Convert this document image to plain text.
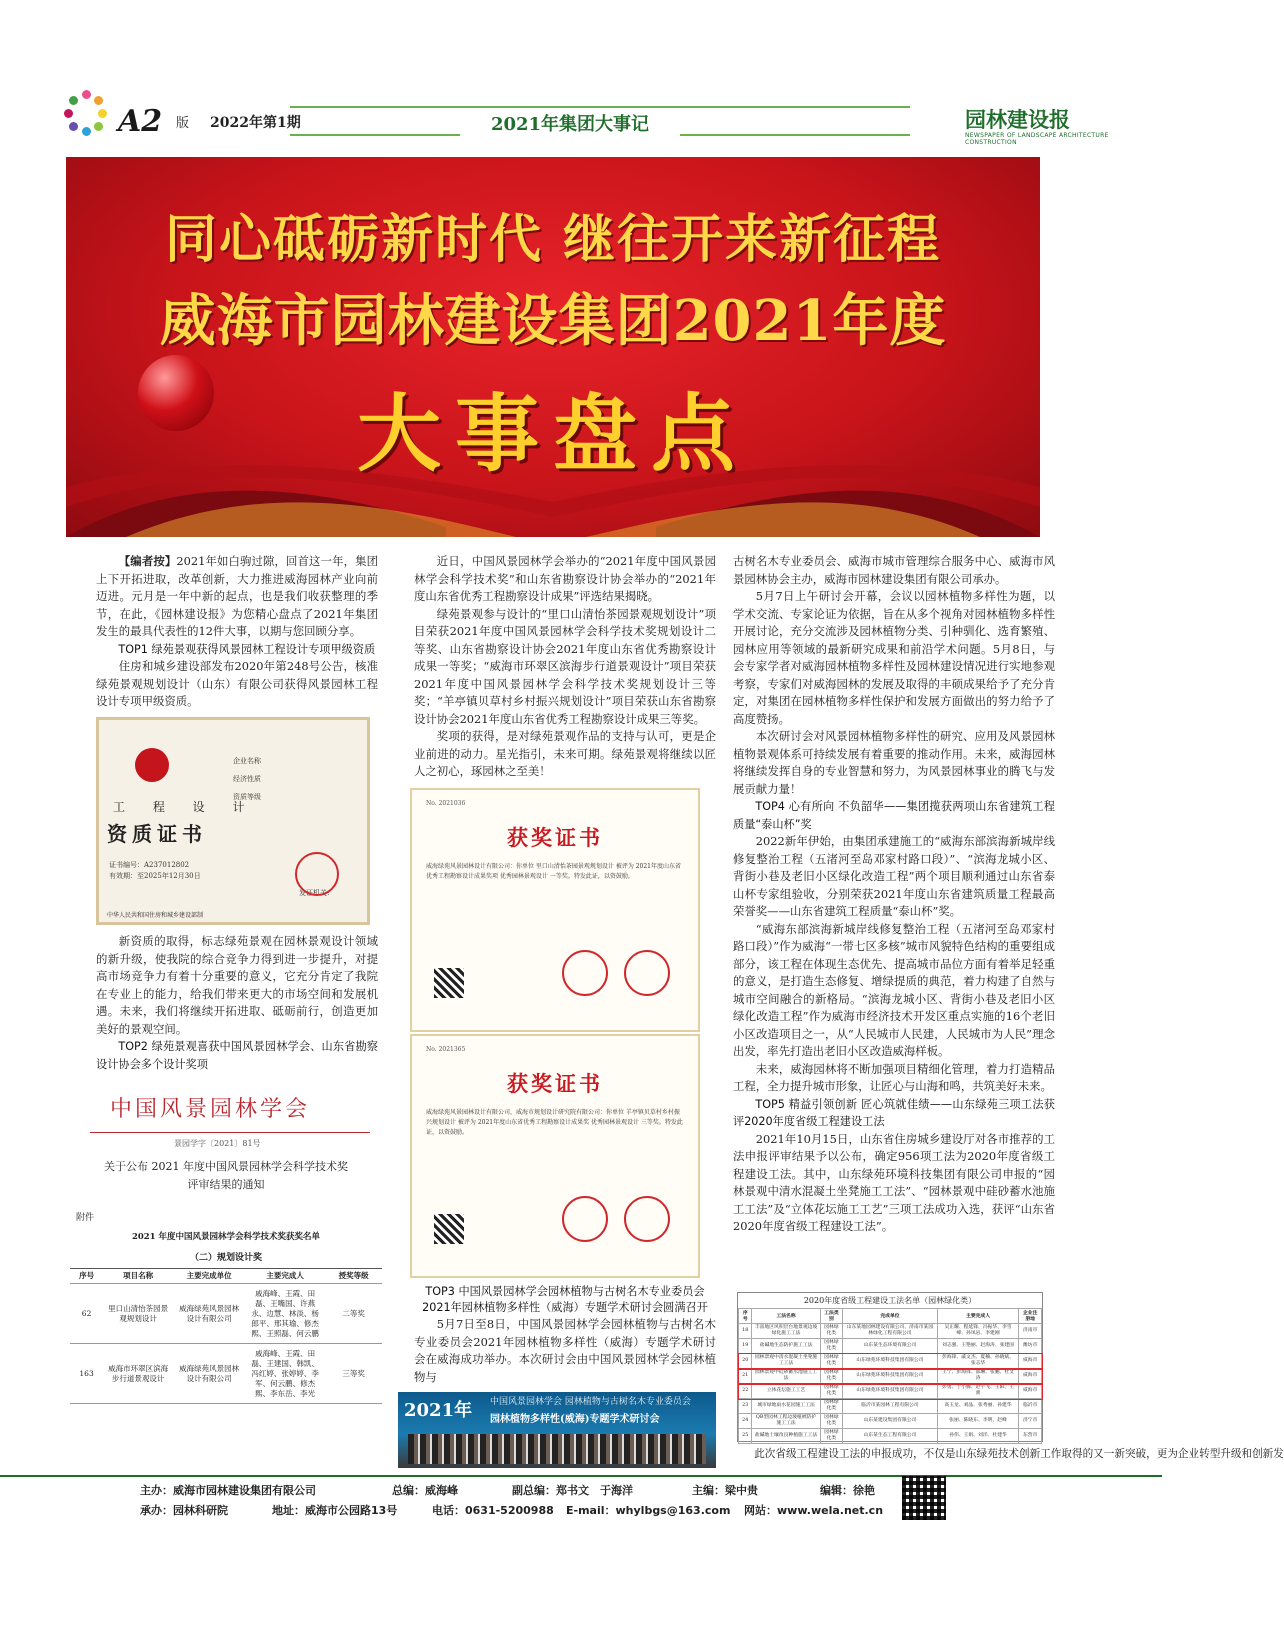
A2 版 2022年第1期	2021年集团大事记	园林建设报
NEWSPAPER OF LANDSCAPE ARCHITECTURE CONSTRUCTION
同心砥砺新时代 继往开来新征程
威海市园林建设集团2021年度
大事盘点

【编者按】2021年如白驹过隙，回首这一年，集团上下开拓进取，改革创新，大力推进威海园林产业向前迈进。元月是一年中新的起点，也是我们收获整理的季节，在此，《园林建设报》为您精心盘点了2021年集团发生的最具代表性的12件大事，以期与您回顾分享。

TOP1 绿苑景观获得风景园林工程设计专项甲级资质

住房和城乡建设部发布2020年第248号公告，核准绿苑景观规划设计（山东）有限公司获得风景园林工程设计专项甲级资质。

工 程 设 计
资质证书
企业名称
经济性质
资质等级
证书编号：A237012802
有效期：至2025年12月30日
发证机关：
中华人民共和国住房和城乡建设部制

新资质的取得，标志绿苑景观在园林景观设计领域的新升级，使我院的综合竞争力得到进一步提升，对提高市场竞争力有着十分重要的意义，它充分肯定了我院在专业上的能力，给我们带来更大的市场空间和发展机遇。未来，我们将继续开拓进取、砥砺前行，创造更加美好的景观空间。

TOP2 绿苑景观喜获中国风景园林学会、山东省勘察设计协会多个设计奖项

中国风景园林学会
景园学字〔2021〕81号
关于公布 2021 年度中国风景园林学会科学技术奖
评审结果的通知
附件
2021 年度中国风景园林学会科学技术奖获奖名单
（二）规划设计奖
序号	项目名称	主要完成单位	主要完成人	授奖等级
62	里口山清怡茶园景观规划设计	威海绿苑风景园林设计有限公司	戚海峰、王霞、田磊、王嘴国、许燕永、边慧、林淡、杨郎平、邢其瑜、修杰熙、王照磊、何云鹏	二等奖
163	威海市环翠区滨海步行道景观设计	威海绿苑风景园林设计有限公司	戚海峰、王霞、田磊、王建国、韩凯、冯红婷、张婷婷、李军、何云鹏、修杰熙、李东岳、李光	三等奖

近日，中国风景园林学会举办的“2021年度中国风景园林学会科学技术奖”和山东省勘察设计协会举办的“2021年度山东省优秀工程勘察设计成果”评选结果揭晓。

绿苑景观参与设计的“里口山清怡茶园景观规划设计”项目荣获2021年度中国风景园林学会科学技术奖规划设计二等奖、山东省勘察设计协会2021年度山东省优秀勘察设计成果一等奖；“威海市环翠区滨海步行道景观设计”项目荣获2021年度中国风景园林学会科学技术奖规划设计三等奖；“羊亭镇贝草村乡村振兴规划设计”项目荣获山东省勘察设计协会2021年度山东省优秀工程勘察设计成果三等奖。

奖项的获得，是对绿苑景观作品的支持与认可，更是企业前进的动力。星光指引，未来可期。绿苑景观将继续以匠人之初心，琢园林之至美！

No. 2021036
获奖证书
威海绿苑风景园林设计有限公司：你单位 里口山清怡茶园景观规划设计 被评为 2021年度山东省优秀工程勘察设计成果奖项 优秀园林景观设计 一等奖。特发此证，以资鼓励。
No. 2021365
获奖证书
威海绿苑风景园林设计有限公司，威海市规划设计研究院有限公司：你单位 羊亭镇贝草村乡村振兴规划设计 被评为 2021年度山东省优秀工程勘察设计成果奖 优秀园林景观设计 三等奖。特发此证，以资鼓励。

TOP3 中国风景园林学会园林植物与古树名木专业委员会2021年园林植物多样性（威海）专题学术研讨会圆满召开

5月7日至8日，中国风景园林学会园林植物与古树名木专业委员会2021年园林植物多样性（威海）专题学术研讨会在威海成功举办。本次研讨会由中国风景园林学会园林植物与

2021年 中国风景园林学会 园林植物与古树名木专业委员会
园林植物多样性(威海)专题学术研讨会

古树名木专业委员会、威海市城市管理综合服务中心、威海市风景园林协会主办，威海市园林建设集团有限公司承办。

5月7日上午研讨会开幕，会议以园林植物多样性为题，以学术交流、专家论证为依据，旨在从多个视角对园林植物多样性开展讨论，充分交流涉及园林植物分类、引种驯化、选育繁殖、园林应用等领域的最新研究成果和前沿学术问题。5月8日，与会专家学者对威海园林植物多样性及园林建设情况进行实地参观考察，专家们对威海园林的发展及取得的丰硕成果给予了充分肯定，对集团在园林植物多样性保护和发展方面做出的努力给予了高度赞扬。

本次研讨会对风景园林植物多样性的研究、应用及风景园林植物景观体系可持续发展有着重要的推动作用。未来，威海园林将继续发挥自身的专业智慧和努力，为风景园林事业的腾飞与发展贡献力量！

TOP4 心有所向 不负韶华——集团揽获两项山东省建筑工程质量“泰山杯”奖

2022新年伊始，由集团承建施工的“威海东部滨海新城岸线修复整治工程（五渚河至岛邓家村路口段）”、“滨海龙城小区、背街小巷及老旧小区绿化改造工程”两个项目顺利通过山东省泰山杯专家组验收，分别荣获2021年度山东省建筑质量工程最高荣誉奖——山东省建筑工程质量“泰山杯”奖。

“威海东部滨海新城岸线修复整治工程（五渚河至岛邓家村路口段）”作为威海“一带七区多核”城市风貌特色结构的重要组成部分，该工程在体现生态优先、提高城市品位方面有着举足轻重的意义，是打造生态修复、增绿提质的典范，着力构建了自然与城市空间融合的新格局。“滨海龙城小区、背街小巷及老旧小区绿化改造工程”作为威海市经济技术开发区重点实施的16个老旧小区改造项目之一，从“人民城市人民建，人民城市为人民”理念出发，率先打造出老旧小区改造威海样板。

未来，威海园林将不断加强项目精细化管理，着力打造精品工程，全力提升城市形象，让匠心与山海和鸣，共筑美好未来。

TOP5 精益引领创新 匠心筑就佳绩——山东绿苑三项工法获评2020年度省级工程建设工法

2021年10月15日，山东省住房城乡建设厅对各市推荐的工法申报评审结果予以公布，确定956项工法为2020年度省级工程建设工法。其中，山东绿苑环境科技集团有限公司申报的“园林景观中清水混凝土坐凳施工工法”、“园林景观中硅砂蓄水池施工工法”及“立体花坛施工工艺”三项工法成功入选，获评“山东省2020年度省级工程建设工法”。

2020年度省级工程建设工法名单（园林绿化类）
序号	工法名称	工法类别	完成单位	主要完成人	企业注册地
18	丰富地区风积层台地景观边坡绿化施工工法	园林绿化类	山东某地园林建设有限公司、济南市某园林绿化工程有限公司	吴正耀、程延锋、冯振华、李雪峰、孙凤岩、李建刚	济南市
19	盐碱地生态防护施工工法	园林绿化类	山东某生态环境有限公司	刘志强、王艳丽、赵海涛、张建国	潍坊市
20	园林景观中清水混凝土坐凳施工工法	园林绿化类	山东绿苑环境科技集团有限公司	彭海锋、戚文杰、夏楠、孙晓斌、张志华	威海市
21	园林景观中硅砂蓄水池施工工法	园林绿化类	山东绿苑环境科技集团有限公司	王宁、彭海锋、邵琳、张鹏、杜文涛	威海市
22	立体花坛施工工艺	园林绿化类	山东绿苑环境科技集团有限公司	彭勇、于小腾、赵宇飞、王阳、王蕾	威海市
23	城市绿地雨水花园施工工法	园林绿化类	临沂市某园林工程有限公司	高玉龙、刘晶、张秀丽、孙建华	临沂市
24	QB型园林工程边坡植被防护施工工法	园林绿化类	山东某建设集团有限公司	张丽、陈晓东、李明、赵峰	济宁市
25	盐碱地土壤改良种植施工工法	园林绿化类	山东某生态工程有限公司	孙伟、王娟、刘洋、杜建华	东营市

此次省级工程建设工法的申报成功，不仅是山东绿苑技术创新工作取得的又一新突破，更为企业转型升级和创新发

主办：威海市园林建设集团有限公司	总编：威海峰	副总编：郑书文　于海洋	主编：梁中贵	编辑：徐艳
承办：园林科研院	地址：威海市公园路13号	电话：0631-5200988 E-mail：whylbgs@163.com 网站：www.wela.net.cn
